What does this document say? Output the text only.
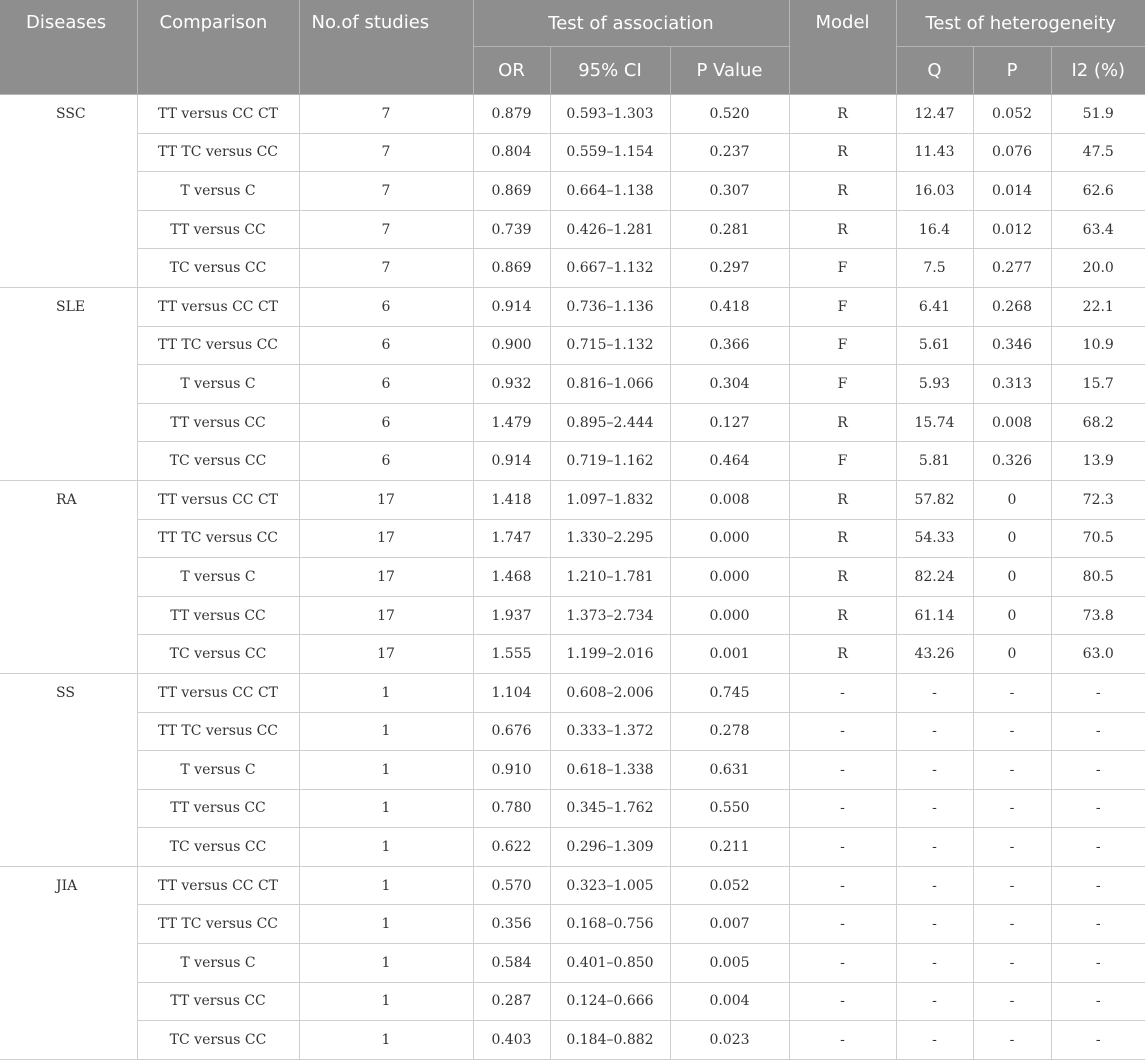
Diseases	Comparison	No.of studies	Test of association			Model	Test of heterogeneity		
			OR	95% CI	P Value		Q	P	I2 (%)
SSC	TT versus CC CT	7	0.879	0.593–1.303	0.520	R	12.47	0.052	51.9
	TT TC versus CC	7	0.804	0.559–1.154	0.237	R	11.43	0.076	47.5
	T versus C	7	0.869	0.664–1.138	0.307	R	16.03	0.014	62.6
	TT versus CC	7	0.739	0.426–1.281	0.281	R	16.4	0.012	63.4
	TC versus CC	7	0.869	0.667–1.132	0.297	F	7.5	0.277	20.0
SLE	TT versus CC CT	6	0.914	0.736–1.136	0.418	F	6.41	0.268	22.1
	TT TC versus CC	6	0.900	0.715–1.132	0.366	F	5.61	0.346	10.9
	T versus C	6	0.932	0.816–1.066	0.304	F	5.93	0.313	15.7
	TT versus CC	6	1.479	0.895–2.444	0.127	R	15.74	0.008	68.2
	TC versus CC	6	0.914	0.719–1.162	0.464	F	5.81	0.326	13.9
RA	TT versus CC CT	17	1.418	1.097–1.832	0.008	R	57.82	0	72.3
	TT TC versus CC	17	1.747	1.330–2.295	0.000	R	54.33	0	70.5
	T versus C	17	1.468	1.210–1.781	0.000	R	82.24	0	80.5
	TT versus CC	17	1.937	1.373–2.734	0.000	R	61.14	0	73.8
	TC versus CC	17	1.555	1.199–2.016	0.001	R	43.26	0	63.0
SS	TT versus CC CT	1	1.104	0.608–2.006	0.745	-	-	-	-
	TT TC versus CC	1	0.676	0.333–1.372	0.278	-	-	-	-
	T versus C	1	0.910	0.618–1.338	0.631	-	-	-	-
	TT versus CC	1	0.780	0.345–1.762	0.550	-	-	-	-
	TC versus CC	1	0.622	0.296–1.309	0.211	-	-	-	-
JIA	TT versus CC CT	1	0.570	0.323–1.005	0.052	-	-	-	-
	TT TC versus CC	1	0.356	0.168–0.756	0.007	-	-	-	-
	T versus C	1	0.584	0.401–0.850	0.005	-	-	-	-
	TT versus CC	1	0.287	0.124–0.666	0.004	-	-	-	-
	TC versus CC	1	0.403	0.184–0.882	0.023	-	-	-	-
